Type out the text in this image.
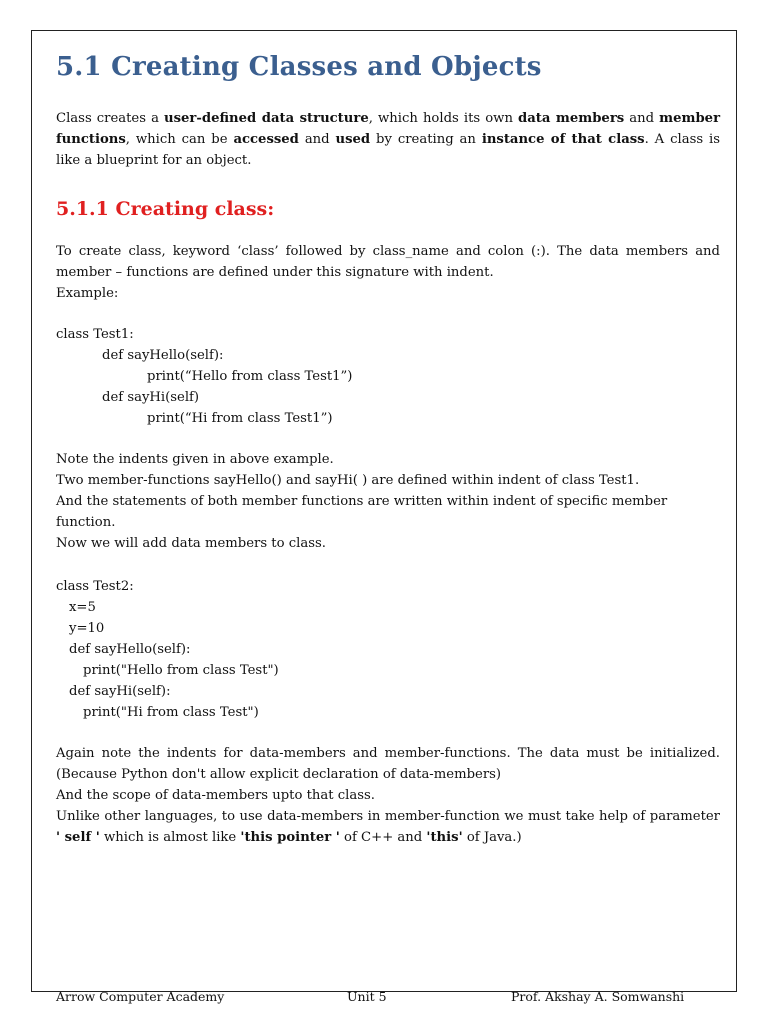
5.1 Creating Classes and Objects

Class creates a user-defined data structure, which holds its own data members and member functions, which can be accessed and used by creating an instance of that class. A class is like a blueprint for an object.

5.1.1 Creating class:

To create class, keyword ‘class’ followed by class_name and colon (:). The data members and member – functions are defined under this signature with indent.

Example:

class Test1:
def sayHello(self):
print(“Hello from class Test1”)
def sayHi(self)
print(“Hi from class Test1”)

Note the indents given in above example.

Two member-functions sayHello() and sayHi( ) are defined within indent of class Test1.

And the statements of both member functions are written within indent of specific member function.

Now we will add data members to class.

class Test2:
x=5
y=10
def sayHello(self):
print("Hello from class Test")
def sayHi(self):
print("Hi from class Test")

Again note the indents for data-members and member-functions. The data must be initialized. (Because Python don't allow explicit declaration of data-members)

And the scope of data-members upto that class.

Unlike other languages, to use data-members in member-function we must take help of parameter ' self ' which is almost like 'this pointer ' of C++ and 'this' of Java.)

Arrow Computer Academy	Unit 5	Prof. Akshay A. Somwanshi
